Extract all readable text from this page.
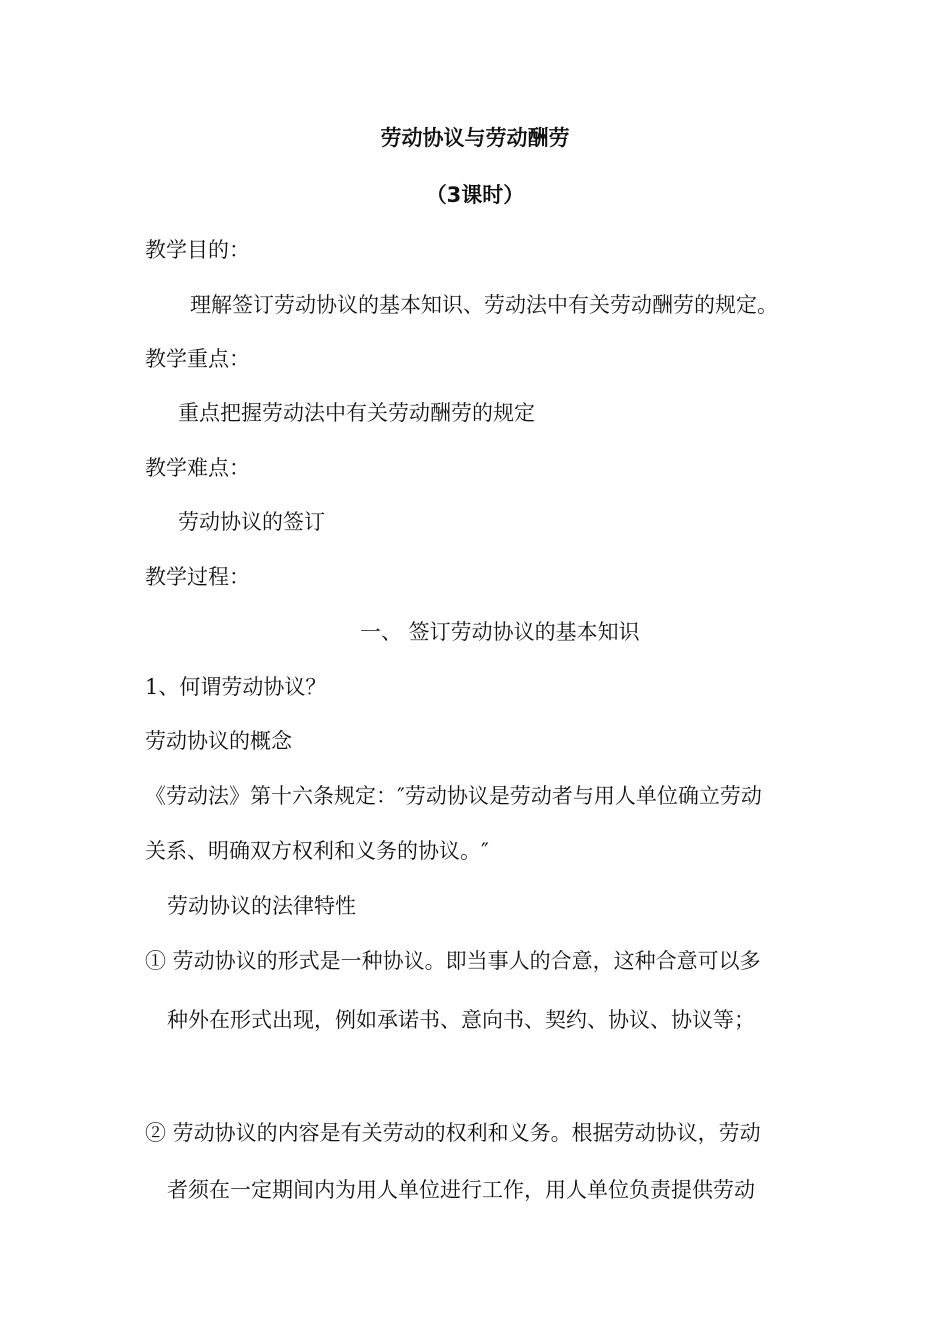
劳动协议与劳动酬劳
（3课时）
教学目的：
理解签订劳动协议的基本知识、劳动法中有关劳动酬劳的规定。
教学重点：
重点把握劳动法中有关劳动酬劳的规定
教学难点：
劳动协议的签订
教学过程：
一、 签订劳动协议的基本知识
1、何谓劳动协议？
劳动协议的概念
《劳动法》第十六条规定：″劳动协议是劳动者与用人单位确立劳动
关系、明确双方权利和义务的协议。″
劳动协议的法律特性
① 劳动协议的形式是一种协议。即当事人的合意，这种合意可以多
种外在形式出现，例如承诺书、意向书、契约、协议、协议等；
② 劳动协议的内容是有关劳动的权利和义务。根据劳动协议，劳动
者须在一定期间内为用人单位进行工作，用人单位负责提供劳动
